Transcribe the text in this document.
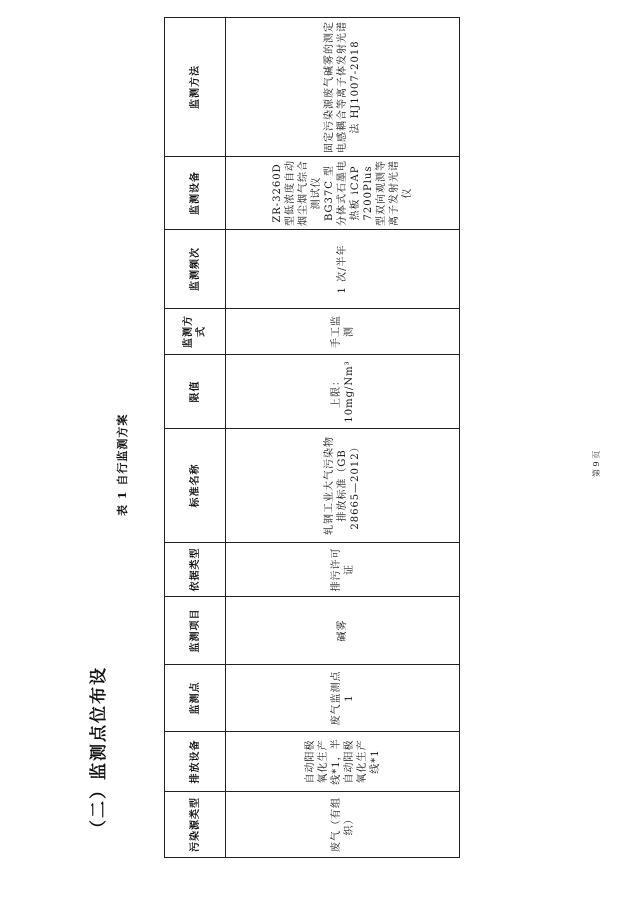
（二）监测点位布设
表 1 自行监测方案
污染源类型	排放设备	监测点	监测项目	依据类型	标准名称	限值	监测方式	监测频次	监测设备	监测方法
废气（有组织）	自动阳极氧化生产线*1，半自动阳极氧化生产线*1	废气监测点 1	碱雾	排污许可证	轧钢工业大气污染物排放标准（GB 28665—2012）	上限：10mg/Nm³	手工监测	1 次/半年	ZR-3260D 型低浓度自动烟尘烟气综合测试仪 BG37C 型分体式石墨电热板 iCAP 7200Plus 型双向观测等离子发射光谱仪	固定污染源废气碱雾的测定 电感耦合等离子体发射光谱法 HJ1007-2018
第 9 页
